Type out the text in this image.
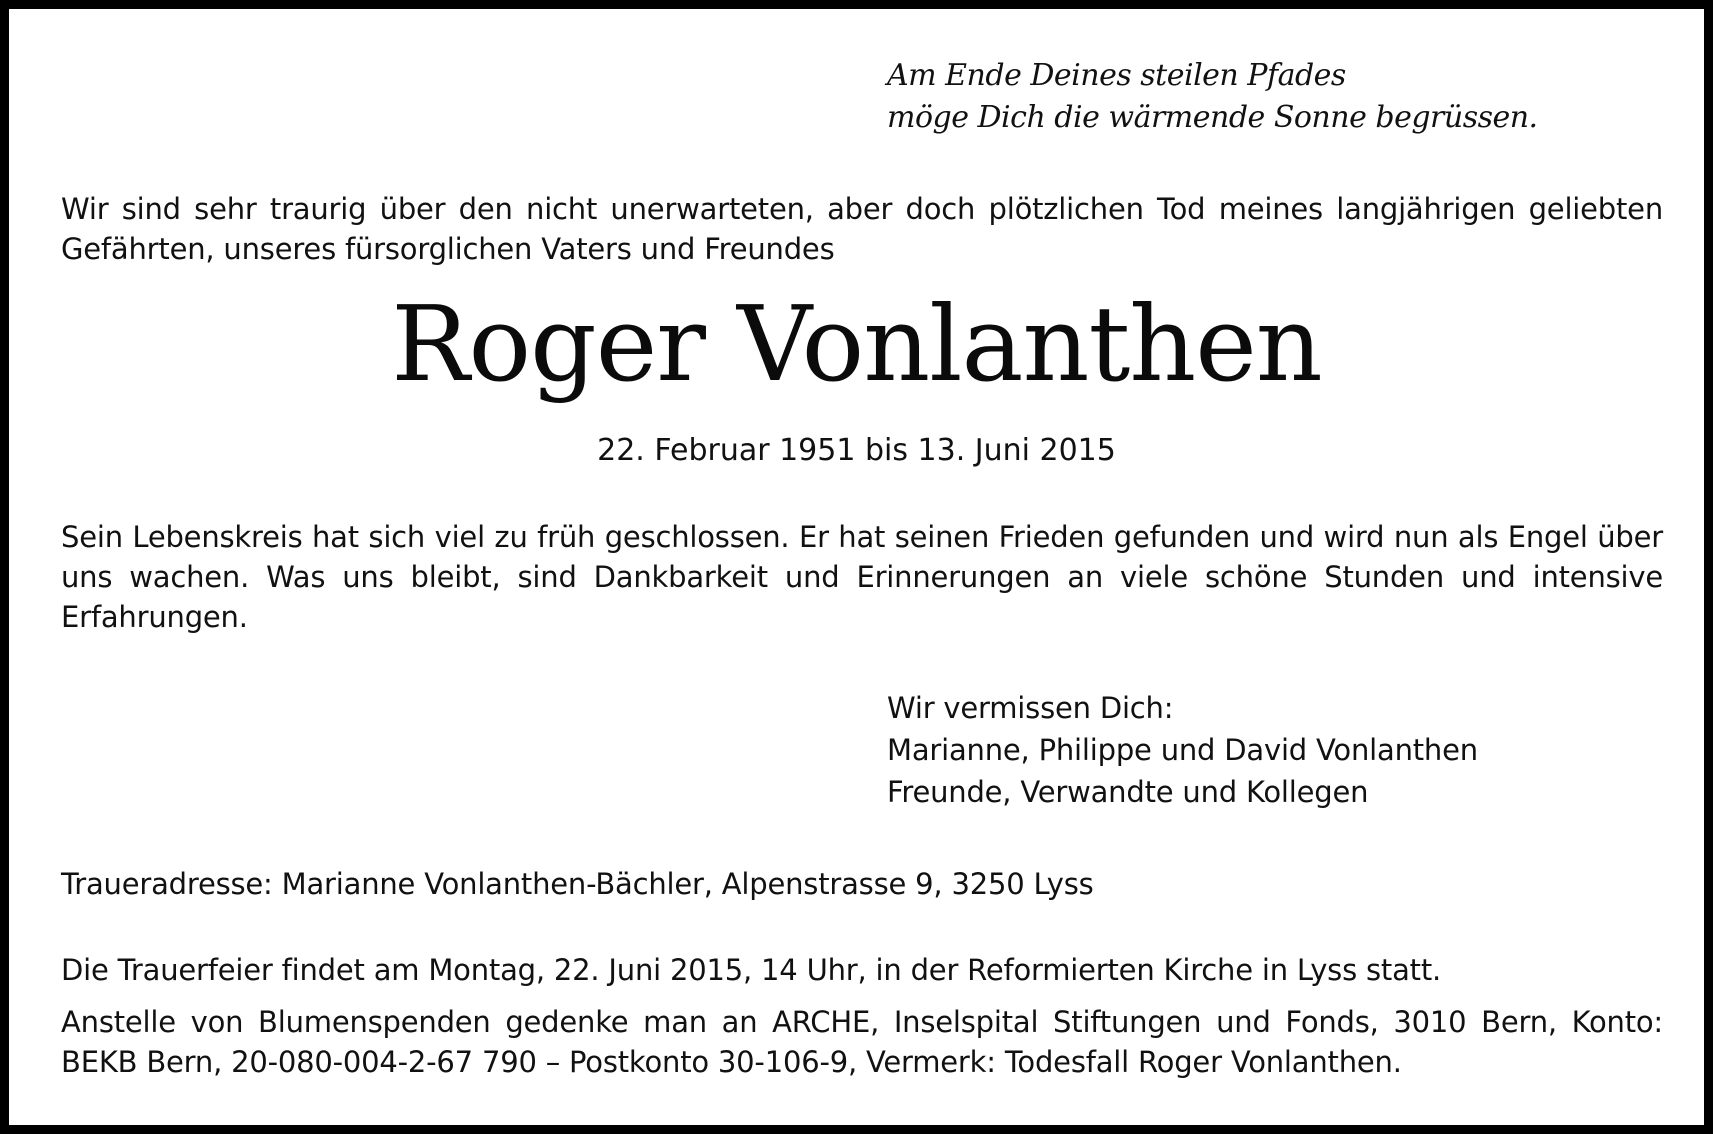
Am Ende Deines steilen Pfades
möge Dich die wärmende Sonne begrüssen.

Wir sind sehr traurig über den nicht unerwarteten, aber doch plötzlichen Tod meines langjährigen geliebten Gefährten, unseres fürsorglichen Vaters und Freundes

Roger Vonlanthen
22. Februar 1951 bis 13. Juni 2015

Sein Lebenskreis hat sich viel zu früh geschlossen. Er hat seinen Frieden gefunden und wird nun als Engel über uns wachen. Was uns bleibt, sind Dankbarkeit und Erinnerungen an viele schöne Stunden und intensive Erfahrungen.

Wir vermissen Dich:
Marianne, Philippe und David Vonlanthen
Freunde, Verwandte und Kollegen

Traueradresse: Marianne Vonlanthen-Bächler, Alpenstrasse 9, 3250 Lyss

Die Trauerfeier findet am Montag, 22. Juni 2015, 14 Uhr, in der Reformierten Kirche in Lyss statt.

Anstelle von Blumenspenden gedenke man an ARCHE, Inselspital Stiftungen und Fonds, 3010 Bern, Konto: BEKB Bern, 20-080-004-2-67 790 – Postkonto 30-106-9, Vermerk: Todesfall Roger Vonlanthen.
